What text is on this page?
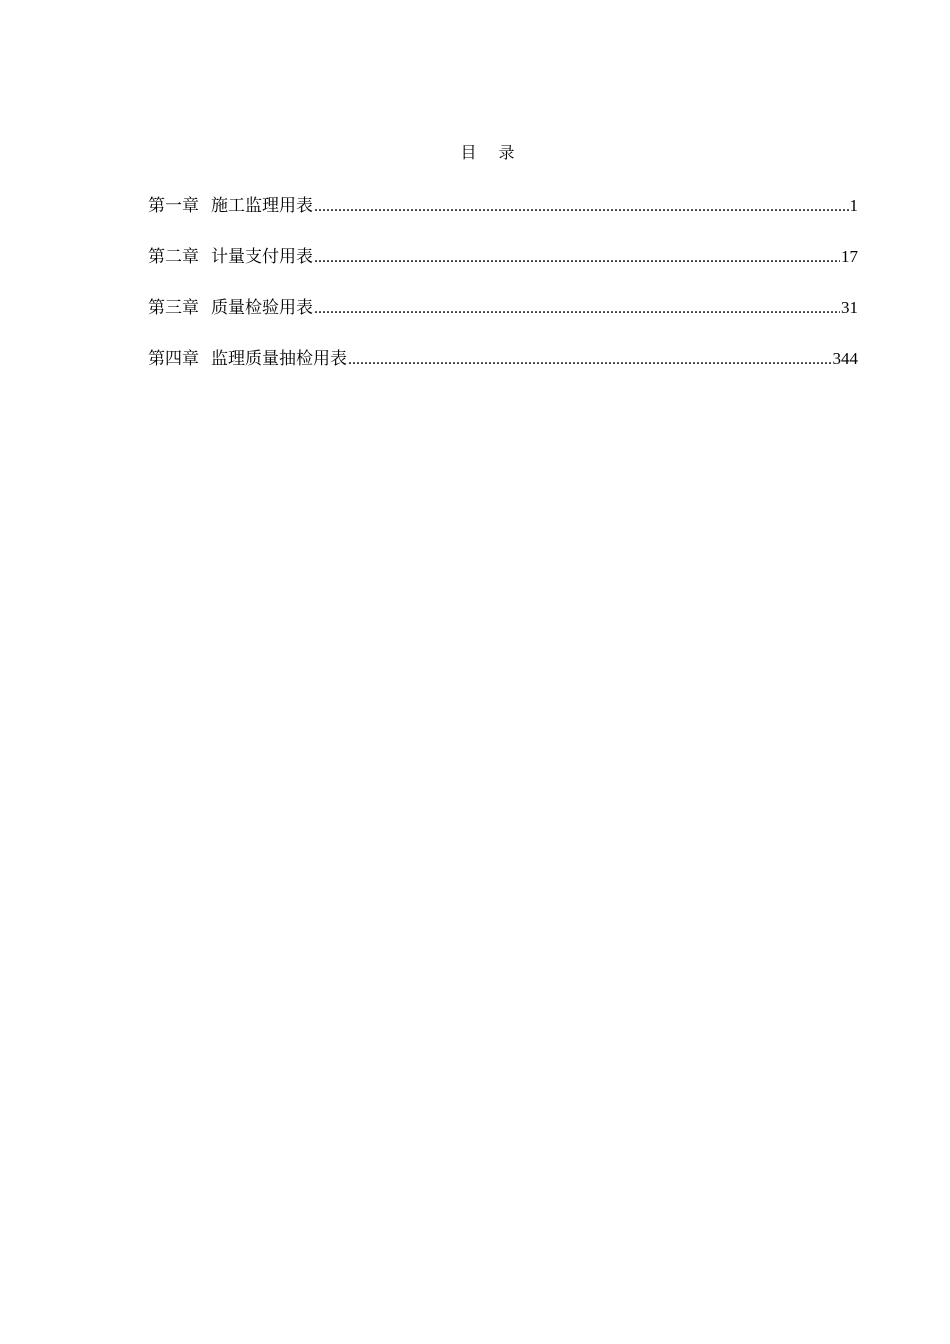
目 录
第一章 施工监理用表 .....	1
第二章 计量支付用表 .....	17
第三章 质量检验用表 .....	31
第四章 监理质量抽检用表 .....	344
